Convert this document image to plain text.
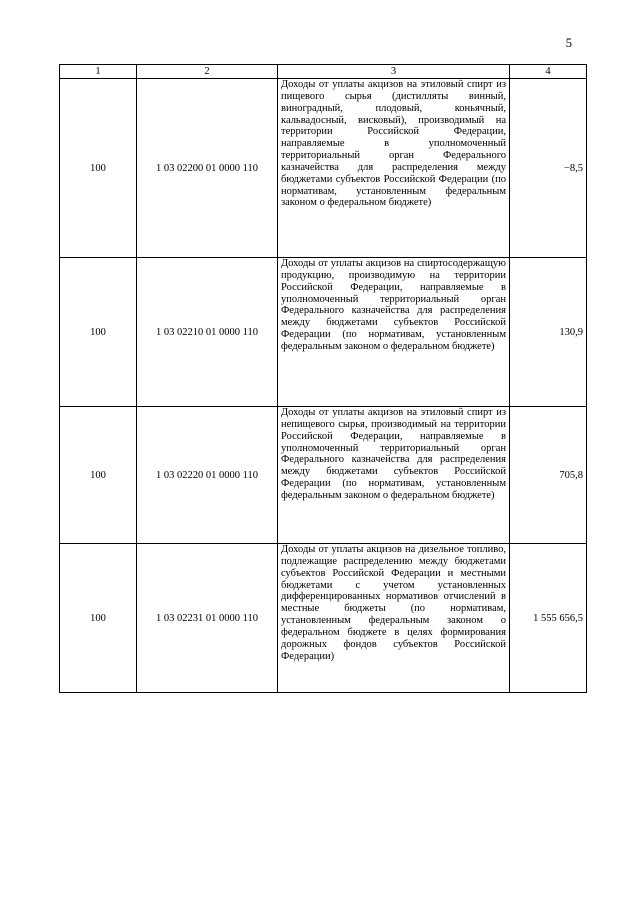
5
1	2	3	4
100	1 03 02200 01 0000 110	Доходы от уплаты акцизов на этиловый спирт из пищевого сырья (дистилляты винный, виноградный, плодовый, коньячный, кальвадосный, висковый), производимый на территории Российской Федерации, направляемые в уполномоченный территориальный орган Федерального казначейства для распределения между бюджетами субъектов Российской Федерации (по нормативам, установленным федеральным законом о федеральном бюджете)	−8,5
100	1 03 02210 01 0000 110	Доходы от уплаты акцизов на спиртосодержащую продукцию, производимую на территории Российской Федерации, направляемые в уполномоченный территориальный орган Федерального казначейства для распределения между бюджетами субъектов Российской Федерации (по нормативам, установленным федеральным законом о федеральном бюджете)	130,9
100	1 03 02220 01 0000 110	Доходы от уплаты акцизов на этиловый спирт из непищевого сырья, производимый на территории Российской Федерации, направляемые в уполномоченный территориальный орган Федерального казначейства для распределения между бюджетами субъектов Российской Федерации (по нормативам, установленным федеральным законом о федеральном бюджете)	705,8
100	1 03 02231 01 0000 110	Доходы от уплаты акцизов на дизельное топливо, подлежащие распределению между бюджетами субъектов Российской Федерации и местными бюджетами с учетом установленных дифференцированных нормативов отчислений в местные бюджеты (по нормативам, установленным федеральным законом о федеральном бюджете в целях формирования дорожных фондов субъектов Российской Федерации)	1 555 656,5
